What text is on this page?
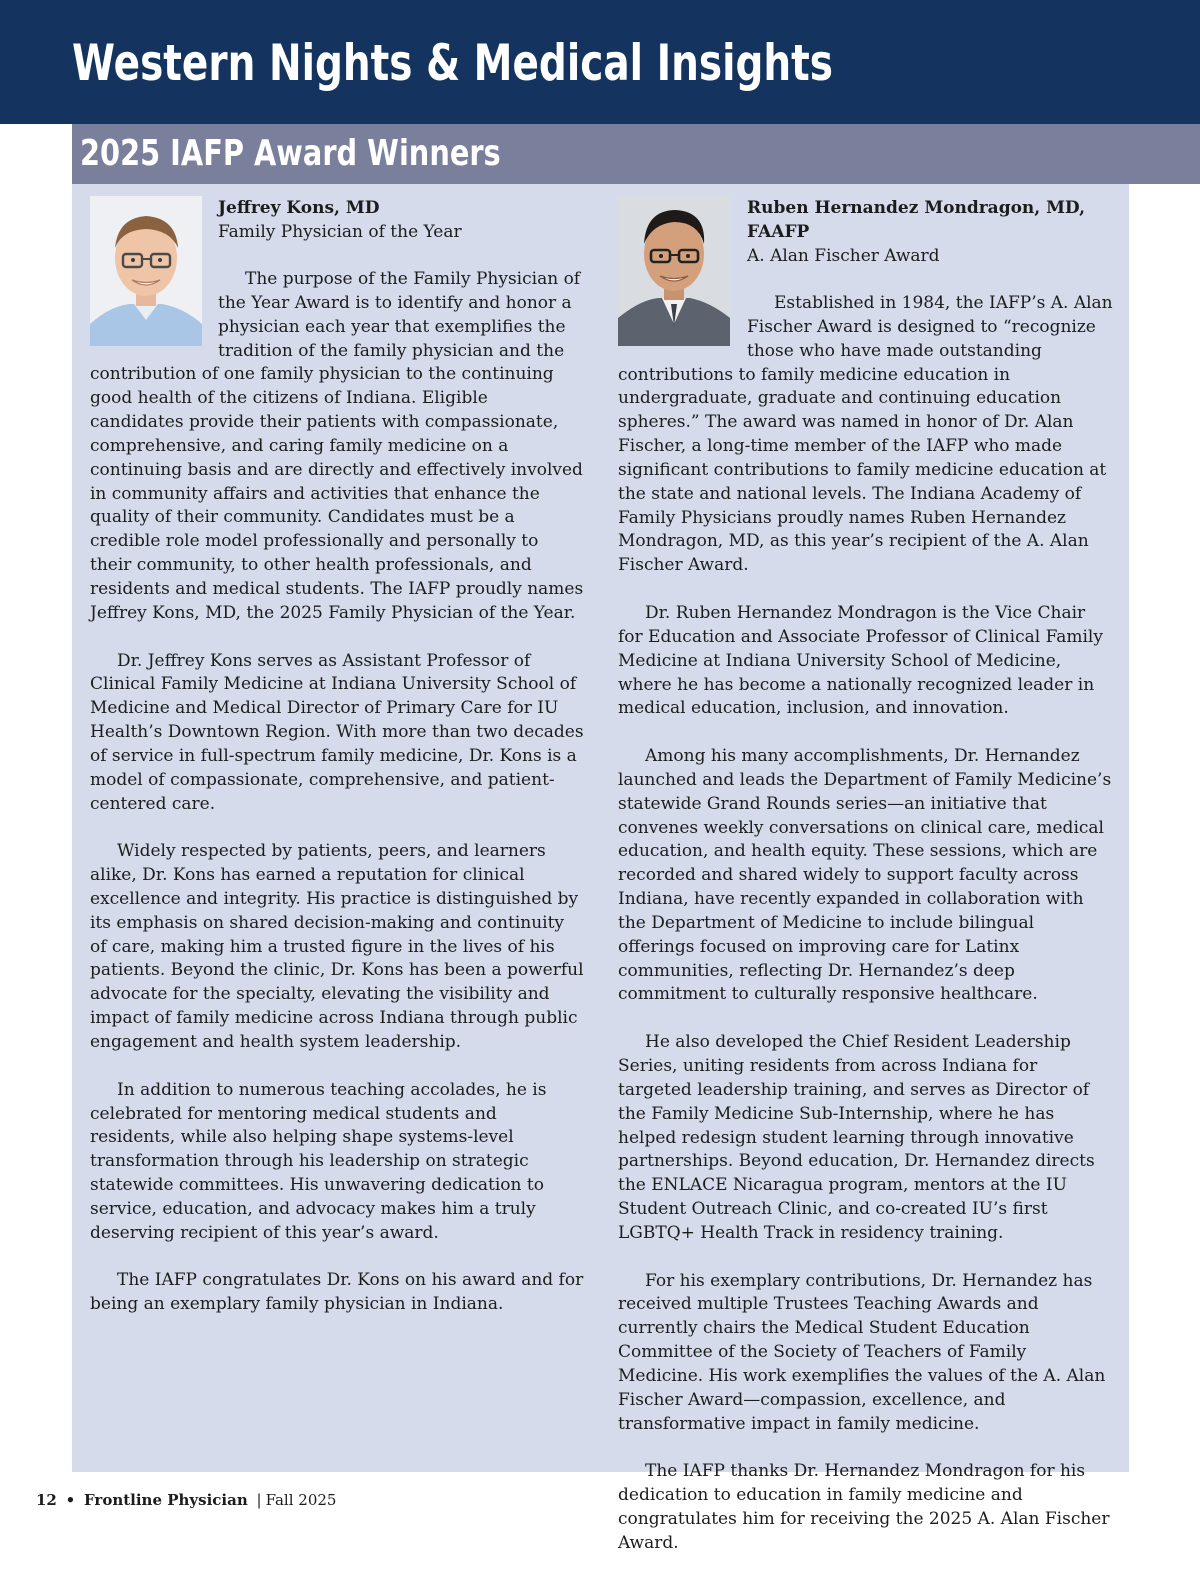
Western Nights & Medical Insights
2025 IAFP Award Winners

Jeffrey Kons, MD

Family Physician of the Year

The purpose of the Family Physician of the Year Award is to identify and honor a physician each year that exemplifies the tradition of the family physician and the contribution of one family physician to the continuing good health of the citizens of Indiana. Eligible candidates provide their patients with compassionate, comprehensive, and caring family medicine on a continuing basis and are directly and effectively involved in community affairs and activities that enhance the quality of their community. Candidates must be a credible role model professionally and personally to their community, to other health professionals, and residents and medical students. The IAFP proudly names Jeffrey Kons, MD, the 2025 Family Physician of the Year.

Dr. Jeffrey Kons serves as Assistant Professor of Clinical Family Medicine at Indiana University School of Medicine and Medical Director of Primary Care for IU Health’s Downtown Region. With more than two decades of service in full-spectrum family medicine, Dr. Kons is a model of compassionate, comprehensive, and patient-centered care.

Widely respected by patients, peers, and learners alike, Dr. Kons has earned a reputation for clinical excellence and integrity. His practice is distinguished by its emphasis on shared decision-making and continuity of care, making him a trusted figure in the lives of his patients. Beyond the clinic, Dr. Kons has been a powerful advocate for the specialty, elevating the visibility and impact of family medicine across Indiana through public engagement and health system leadership.

In addition to numerous teaching accolades, he is celebrated for mentoring medical students and residents, while also helping shape systems-level transformation through his leadership on strategic statewide committees. His unwavering dedication to service, education, and advocacy makes him a truly deserving recipient of this year’s award.

The IAFP congratulates Dr. Kons on his award and for being an exemplary family physician in Indiana.

Ruben Hernandez Mondragon, MD, FAAFP

A. Alan Fischer Award

Established in 1984, the IAFP’s A. Alan Fischer Award is designed to “recognize those who have made outstanding contributions to family medicine education in undergraduate, graduate and continuing education spheres.” The award was named in honor of Dr. Alan Fischer, a long-time member of the IAFP who made significant contributions to family medicine education at the state and national levels. The Indiana Academy of Family Physicians proudly names Ruben Hernandez Mondragon, MD, as this year’s recipient of the A. Alan Fischer Award.

Dr. Ruben Hernandez Mondragon is the Vice Chair for Education and Associate Professor of Clinical Family Medicine at Indiana University School of Medicine, where he has become a nationally recognized leader in medical education, inclusion, and innovation.

Among his many accomplishments, Dr. Hernandez launched and leads the Department of Family Medicine’s statewide Grand Rounds series—an initiative that convenes weekly conversations on clinical care, medical education, and health equity. These sessions, which are recorded and shared widely to support faculty across Indiana, have recently expanded in collaboration with the Department of Medicine to include bilingual offerings focused on improving care for Latinx communities, reflecting Dr. Hernandez’s deep commitment to culturally responsive healthcare.

He also developed the Chief Resident Leadership Series, uniting residents from across Indiana for targeted leadership training, and serves as Director of the Family Medicine Sub-Internship, where he has helped redesign student learning through innovative partnerships. Beyond education, Dr. Hernandez directs the ENLACE Nicaragua program, mentors at the IU Student Outreach Clinic, and co-created IU’s first LGBTQ+ Health Track in residency training.

For his exemplary contributions, Dr. Hernandez has received multiple Trustees Teaching Awards and currently chairs the Medical Student Education Committee of the Society of Teachers of Family Medicine. His work exemplifies the values of the A. Alan Fischer Award—compassion, excellence, and transformative impact in family medicine.

The IAFP thanks Dr. Hernandez Mondragon for his dedication to education in family medicine and congratulates him for receiving the 2025 A. Alan Fischer Award.

12 • Frontline Physician | Fall 2025
